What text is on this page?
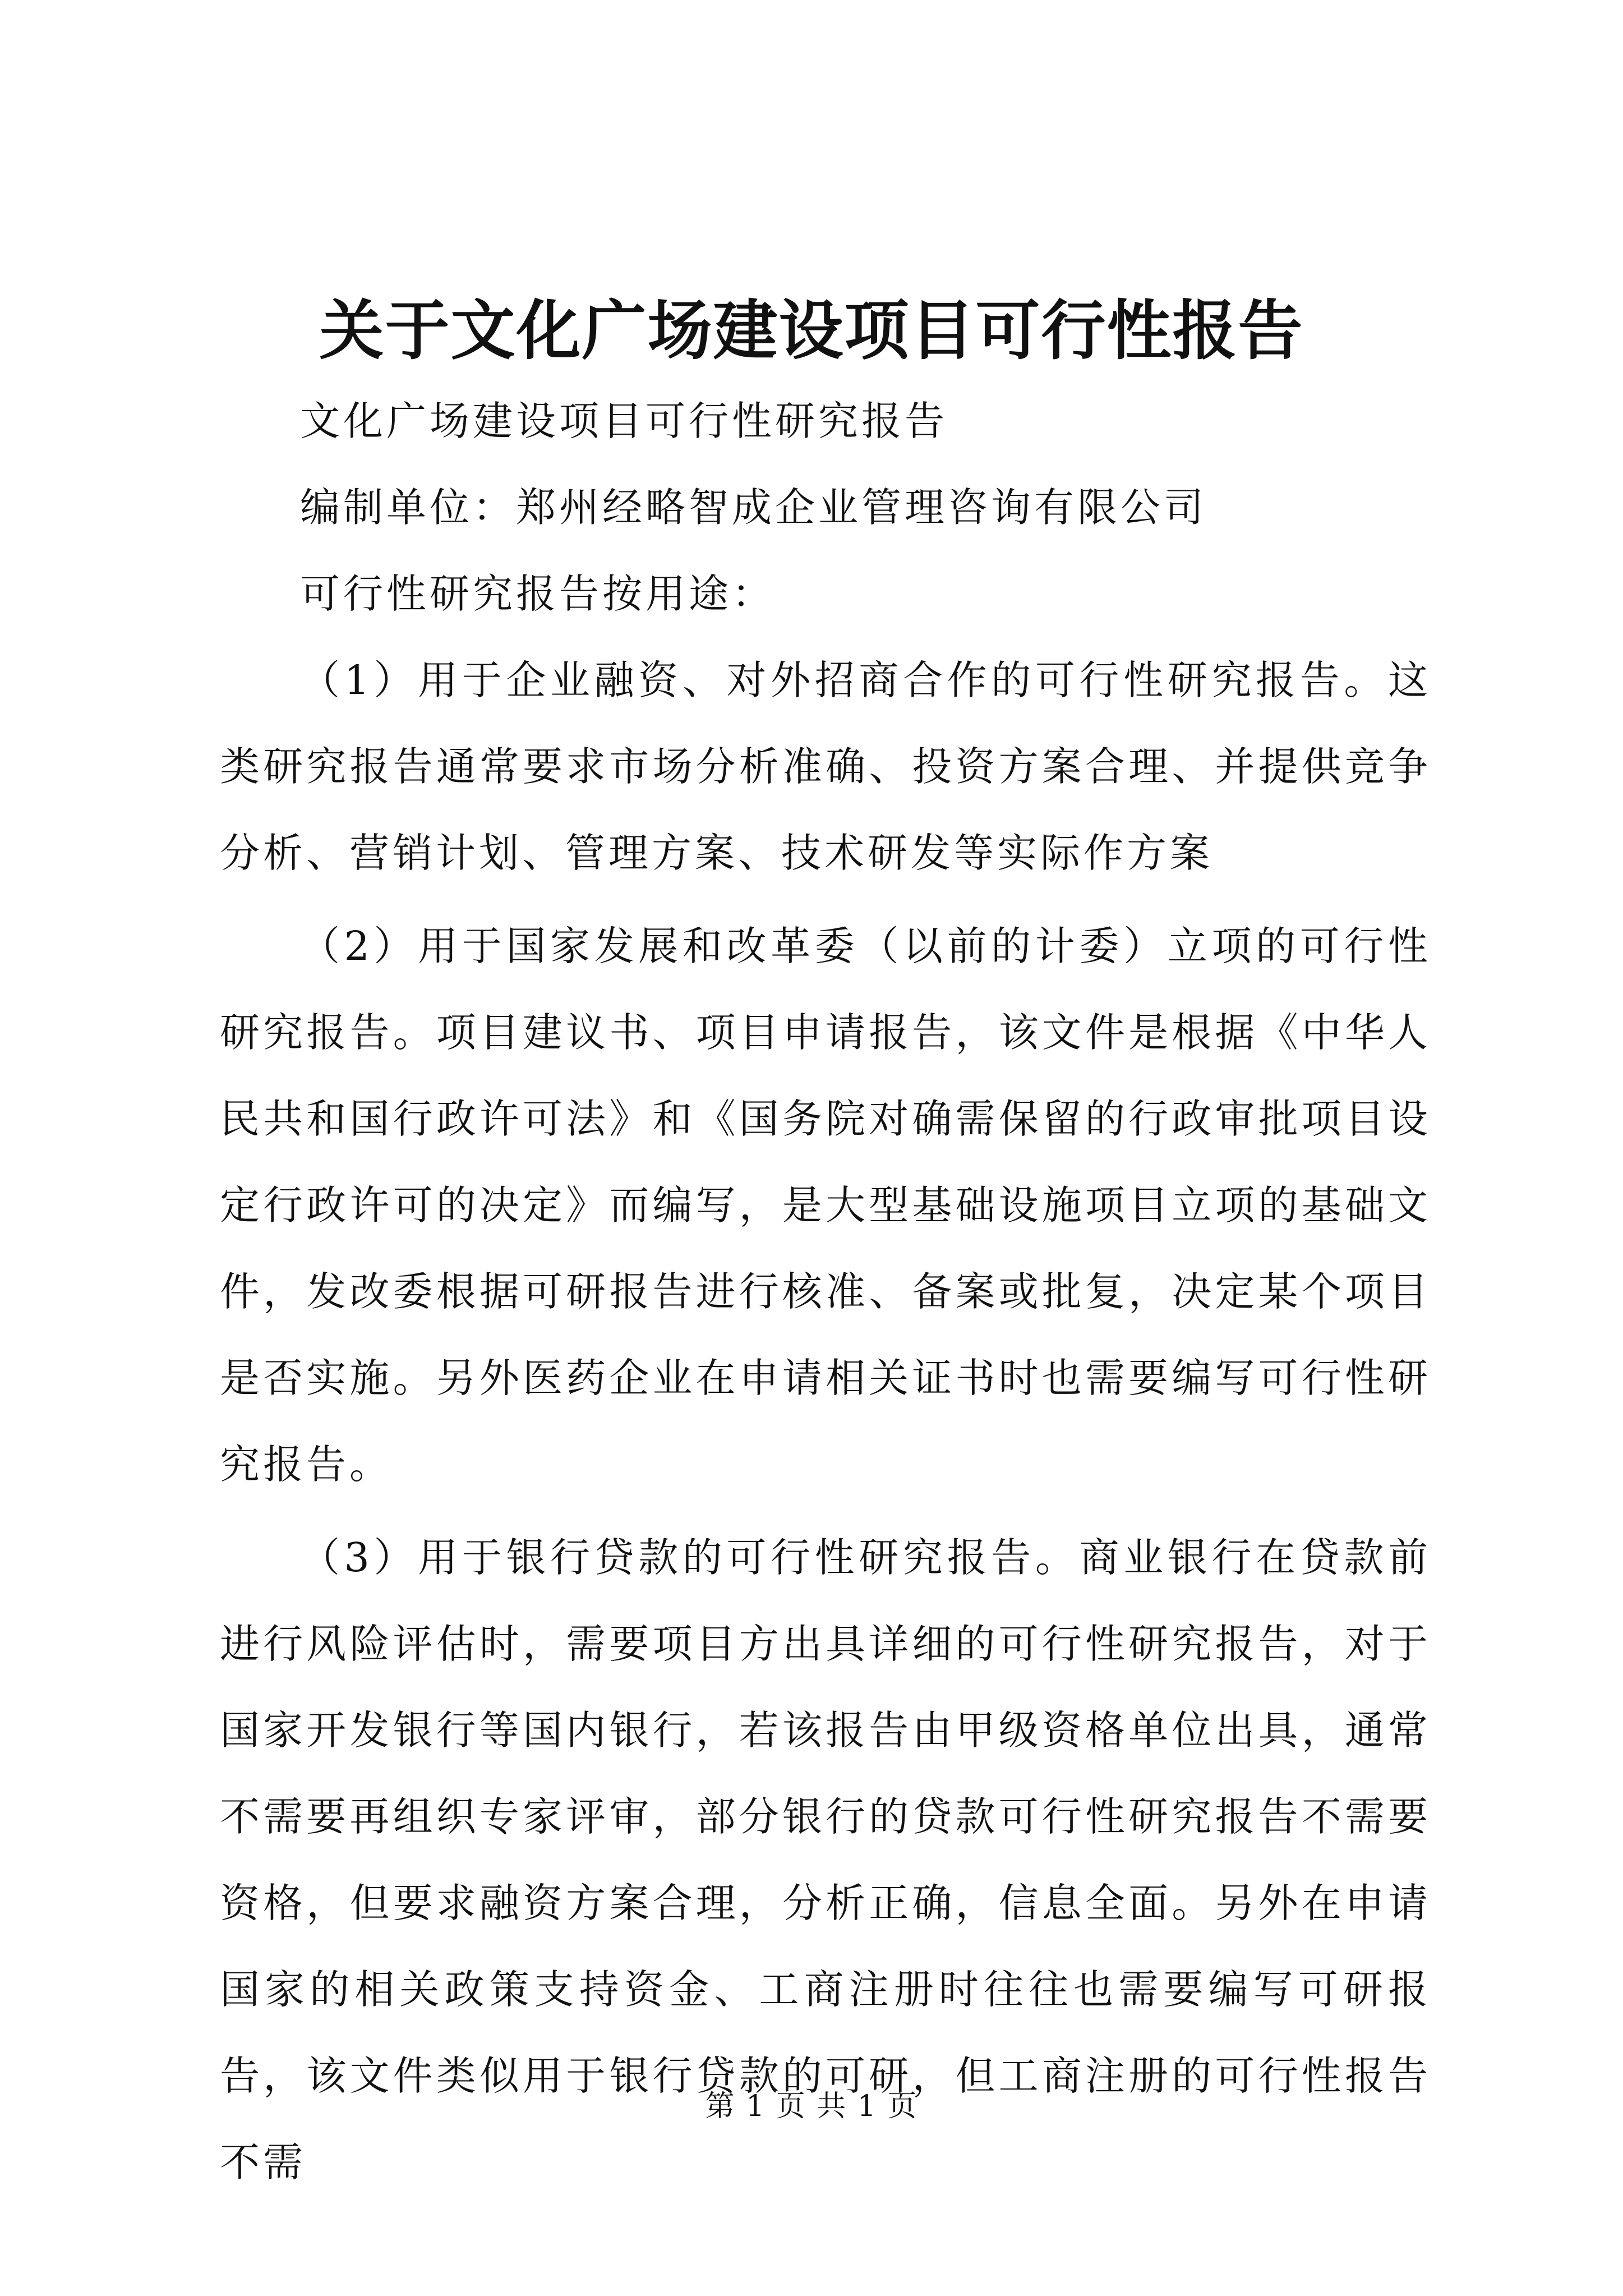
关于文化广场建设项目可行性报告

文化广场建设项目可行性研究报告

编制单位：郑州经略智成企业管理咨询有限公司

可行性研究报告按用途：

（1）用于企业融资、对外招商合作的可行性研究报告。这类研究报告通常要求市场分析准确、投资方案合理、并提供竞争分析、营销计划、管理方案、技术研发等实际作方案

（2）用于国家发展和改革委（以前的计委）立项的可行性研究报告。项目建议书、项目申请报告，该文件是根据《中华人民共和国行政许可法》和《国务院对确需保留的行政审批项目设定行政许可的决定》而编写，是大型基础设施项目立项的基础文件，发改委根据可研报告进行核准、备案或批复，决定某个项目是否实施。另外医药企业在申请相关证书时也需要编写可行性研究报告。

（3）用于银行贷款的可行性研究报告。商业银行在贷款前进行风险评估时，需要项目方出具详细的可行性研究报告，对于国家开发银行等国内银行，若该报告由甲级资格单位出具，通常不需要再组织专家评审，部分银行的贷款可行性研究报告不需要资格，但要求融资方案合理，分析正确，信息全面。另外在申请国家的相关政策支持资金、工商注册时往往也需要编写可研报告，该文件类似用于银行贷款的可研，但工商注册的可行性报告不需

第 1 页 共 1 页
